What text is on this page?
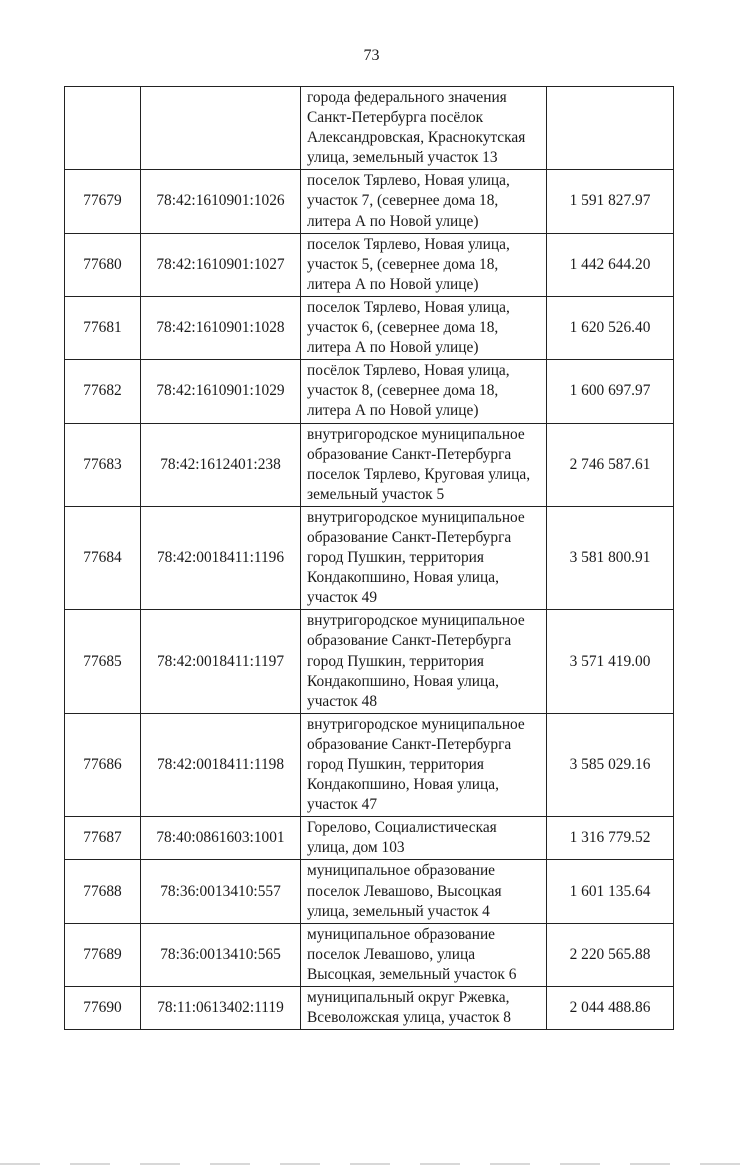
73
		города федерального значения Санкт-Петербурга посёлок Александровская, Краснокутская улица, земельный участок 13	
77679	78:42:1610901:1026	поселок Тярлево, Новая улица, участок 7, (севернее дома 18, литера А по Новой улице)	1 591 827.97
77680	78:42:1610901:1027	поселок Тярлево, Новая улица, участок 5, (севернее дома 18, литера А по Новой улице)	1 442 644.20
77681	78:42:1610901:1028	поселок Тярлево, Новая улица, участок 6, (севернее дома 18, литера А по Новой улице)	1 620 526.40
77682	78:42:1610901:1029	посёлок Тярлево, Новая улица, участок 8, (севернее дома 18, литера А по Новой улице)	1 600 697.97
77683	78:42:1612401:238	внутригородское муниципальное образование Санкт-Петербурга поселок Тярлево, Круговая улица, земельный участок 5	2 746 587.61
77684	78:42:0018411:1196	внутригородское муниципальное образование Санкт-Петербурга город Пушкин, территория Кондакопшино, Новая улица, участок 49	3 581 800.91
77685	78:42:0018411:1197	внутригородское муниципальное образование Санкт-Петербурга город Пушкин, территория Кондакопшино, Новая улица, участок 48	3 571 419.00
77686	78:42:0018411:1198	внутригородское муниципальное образование Санкт-Петербурга город Пушкин, территория Кондакопшино, Новая улица, участок 47	3 585 029.16
77687	78:40:0861603:1001	Горелово, Социалистическая улица, дом 103	1 316 779.52
77688	78:36:0013410:557	муниципальное образование поселок Левашово, Высоцкая улица, земельный участок 4	1 601 135.64
77689	78:36:0013410:565	муниципальное образование поселок Левашово, улица Высоцкая, земельный участок 6	2 220 565.88
77690	78:11:0613402:1119	муниципальный округ Ржевка, Всеволожская улица, участок 8	2 044 488.86
